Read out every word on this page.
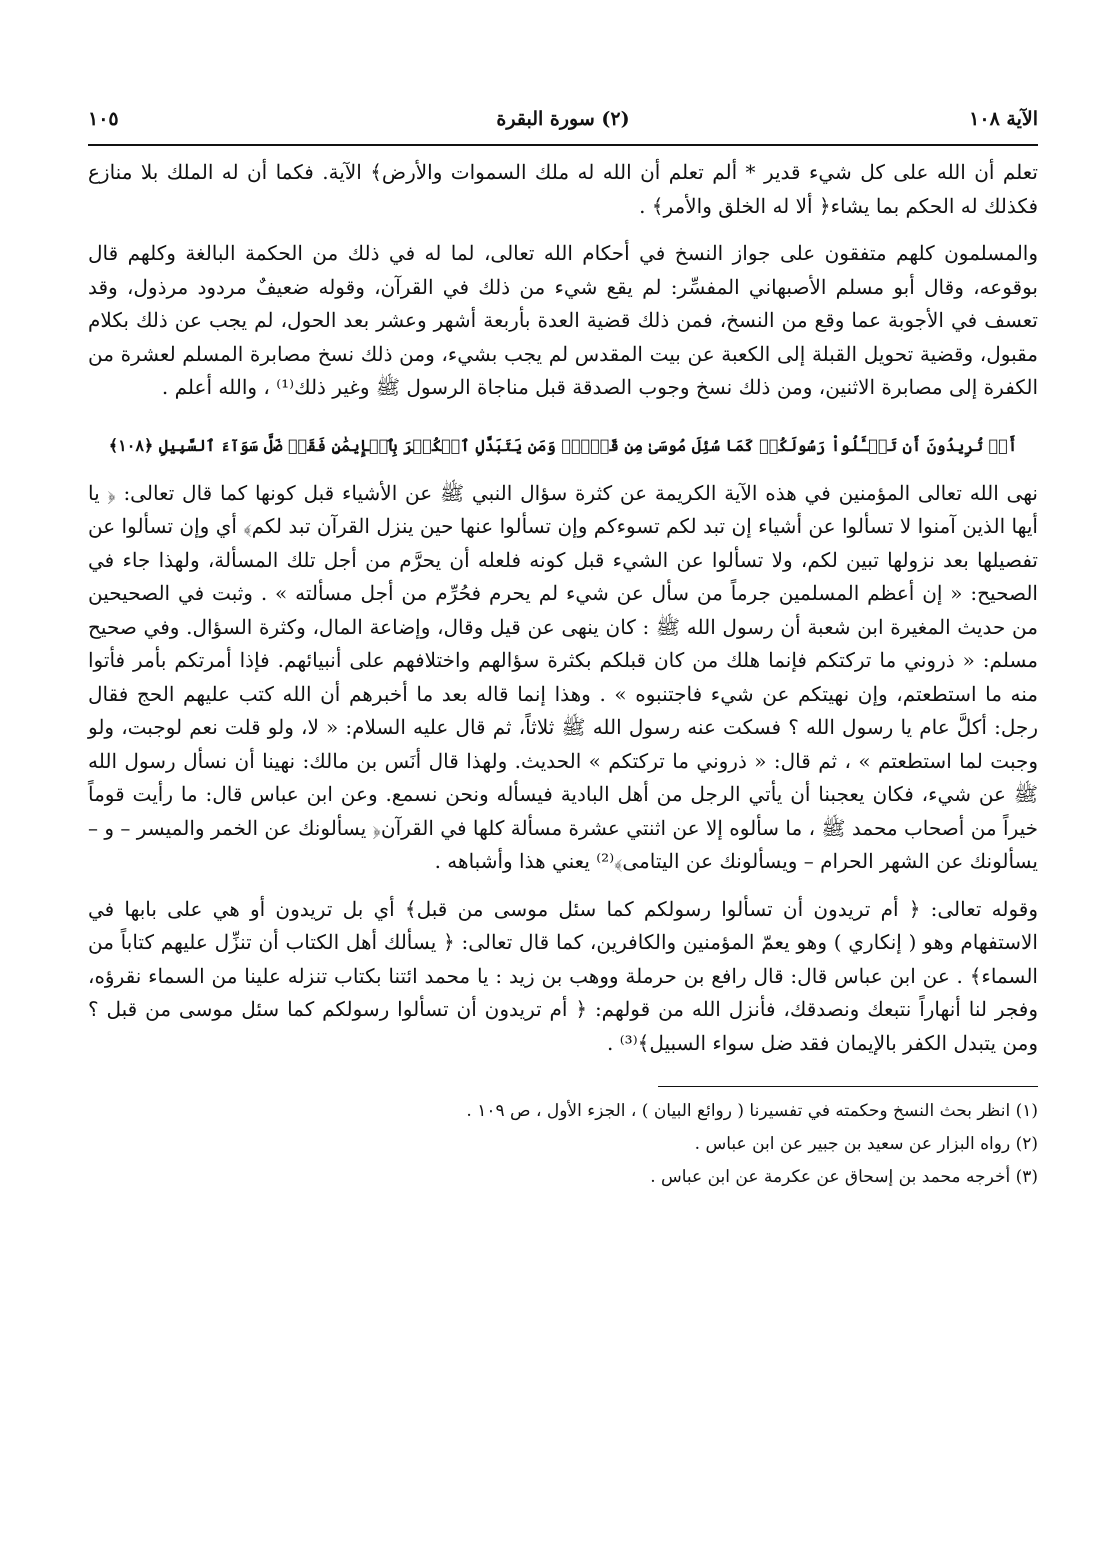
الآية ١٠٨
(٢) سورة البقرة
١٠٥

تعلم أن الله على كل شيء قدير * ألم تعلم أن الله له ملك السموات والأرض﴾ الآية. فكما أن له الملك بلا منازع فكذلك له الحكم بما يشاء﴿ ألا له الخلق والأمر﴾ .

والمسلمون كلهم متفقون على جواز النسخ في أحكام الله تعالى، لما له في ذلك من الحكمة البالغة وكلهم قال بوقوعه، وقال أبو مسلم الأصبهاني المفسِّر: لم يقع شيء من ذلك في القرآن، وقوله ضعيفٌ مردود مرذول، وقد تعسف في الأجوبة عما وقع من النسخ، فمن ذلك قضية العدة بأربعة أشهر وعشر بعد الحول، لم يجب عن ذلك بكلام مقبول، وقضية تحويل القبلة إلى الكعبة عن بيت المقدس لم يجب بشيء، ومن ذلك نسخ مصابرة المسلم لعشرة من الكفرة إلى مصابرة الاثنين، ومن ذلك نسخ وجوب الصدقة قبل مناجاة الرسول ﷺ وغير ذلك⁽¹⁾ ، والله أعلم .

أَمۡ تُرِيدُونَ أَن تَسۡـَٔلُواْ رَسُولَكُمۡ كَمَا سُئِلَ مُوسَىٰ مِن قَبۡلُۗ وَمَن يَتَبَدَّلِ ٱلۡكُفۡرَ بِٱلۡإِيمَٰنِ فَقَدۡ ضَلَّ سَوَآءَ ٱلسَّبِيلِ ﴿١٠٨﴾

نهى الله تعالى المؤمنين في هذه الآية الكريمة عن كثرة سؤال النبي ﷺ عن الأشياء قبل كونها كما قال تعالى: ﴿ يا أيها الذين آمنوا لا تسألوا عن أشياء إن تبد لكم تسوءكم وإن تسألوا عنها حين ينزل القرآن تبد لكم﴾ أي وإن تسألوا عن تفصيلها بعد نزولها تبين لكم، ولا تسألوا عن الشيء قبل كونه فلعله أن يحرَّم من أجل تلك المسألة، ولهذا جاء في الصحيح: « إن أعظم المسلمين جرماً من سأل عن شيء لم يحرم فحُرِّم من أجل مسألته » . وثبت في الصحيحين من حديث المغيرة ابن شعبة أن رسول الله ﷺ : كان ينهى عن قيل وقال، وإضاعة المال، وكثرة السؤال. وفي صحيح مسلم: « ذروني ما تركتكم فإنما هلك من كان قبلكم بكثرة سؤالهم واختلافهم على أنبيائهم. فإذا أمرتكم بأمر فأتوا منه ما استطعتم، وإن نهيتكم عن شيء فاجتنبوه » . وهذا إنما قاله بعد ما أخبرهم أن الله كتب عليهم الحج فقال رجل: أكلَّ عام يا رسول الله ؟ فسكت عنه رسول الله ﷺ ثلاثاً، ثم قال عليه السلام: « لا، ولو قلت نعم لوجبت، ولو وجبت لما استطعتم » ، ثم قال: « ذروني ما تركتكم » الحديث. ولهذا قال أنَس بن مالك: نهينا أن نسأل رسول الله ﷺ عن شيء، فكان يعجبنا أن يأتي الرجل من أهل البادية فيسأله ونحن نسمع. وعن ابن عباس قال: ما رأيت قوماً خيراً من أصحاب محمد ﷺ ، ما سألوه إلا عن اثنتي عشرة مسألة كلها في القرآن﴿ يسألونك عن الخمر والميسر – و – يسألونك عن الشهر الحرام – ويسألونك عن اليتامى﴾⁽²⁾ يعني هذا وأشباهه .

وقوله تعالى: ﴿ أم تريدون أن تسألوا رسولكم كما سئل موسى من قبل﴾ أي بل تريدون أو هي على بابها في الاستفهام وهو ( إنكاري ) وهو يعمّ المؤمنين والكافرين، كما قال تعالى: ﴿ يسألك أهل الكتاب أن تنزِّل عليهم كتاباً من السماء﴾ . عن ابن عباس قال: قال رافع بن حرملة ووهب بن زيد : يا محمد ائتنا بكتاب تنزله علينا من السماء نقرؤه، وفجر لنا أنهاراً نتبعك ونصدقك، فأنزل الله من قولهم: ﴿ أم تريدون أن تسألوا رسولكم كما سئل موسى من قبل ؟ ومن يتبدل الكفر بالإيمان فقد ضل سواء السبيل﴾⁽³⁾ .

(١) انظر بحث النسخ وحكمته في تفسيرنا ( روائع البيان ) ، الجزء الأول ، ص ١٠٩ .

(٢) رواه البزار عن سعيد بن جبير عن ابن عباس .

(٣) أخرجه محمد بن إسحاق عن عكرمة عن ابن عباس .
